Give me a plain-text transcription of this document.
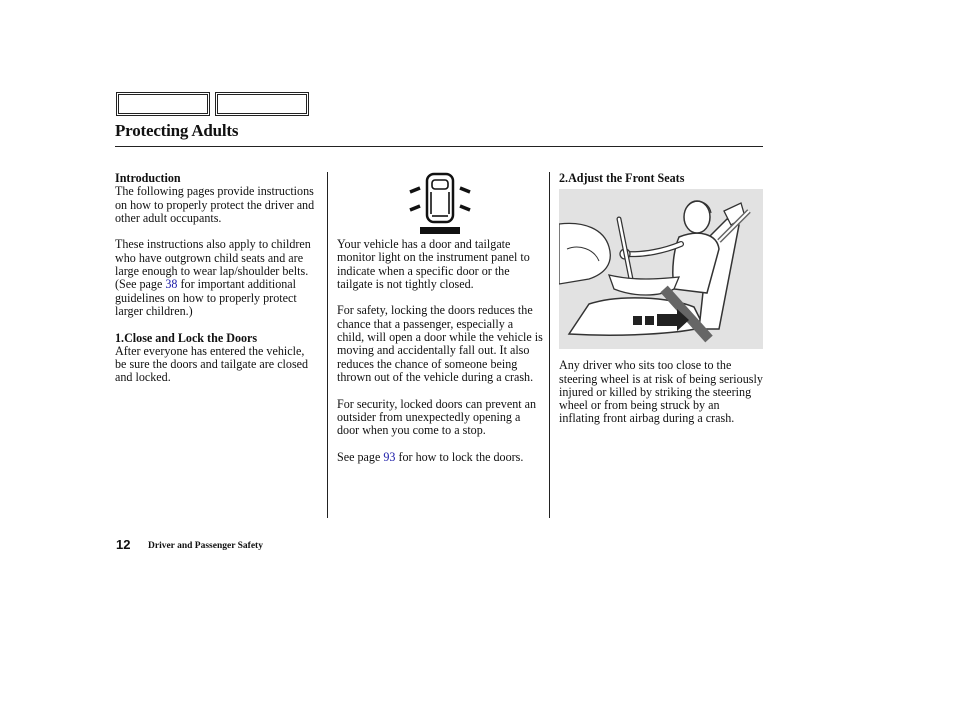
Protecting Adults

Introduction

The following pages provide instructions on how to properly protect the driver and other adult occupants.

These instructions also apply to children who have outgrown child seats and are large enough to wear lap/shoulder belts. (See page 38 for important additional guidelines on how to properly protect larger children.)

1.Close and Lock the Doors

After everyone has entered the vehicle, be sure the doors and tailgate are closed and locked.

Your vehicle has a door and tailgate monitor light on the instrument panel to indicate when a specific door or the tailgate is not tightly closed.

For safety, locking the doors reduces the chance that a passenger, especially a child, will open a door while the vehicle is moving and accidentally fall out. It also reduces the chance of someone being thrown out of the vehicle during a crash.

For security, locked doors can prevent an outsider from unexpectedly opening a door when you come to a stop.

See page 93 for how to lock the doors.

2.Adjust the Front Seats

Any driver who sits too close to the steering wheel is at risk of being seriously injured or killed by striking the steering wheel or from being struck by an inflating front airbag during a crash.

12 Driver and Passenger Safety
